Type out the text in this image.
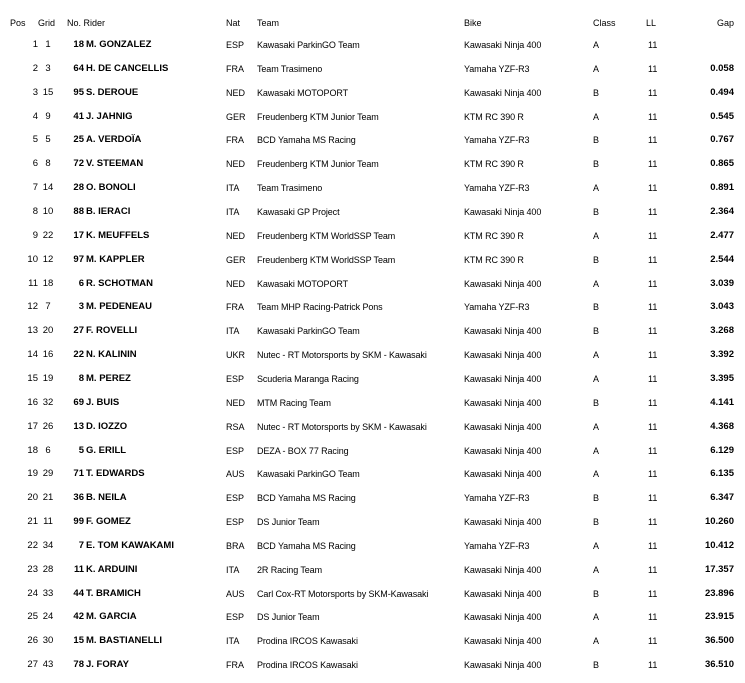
Pos Grid No. Rider	Nat Team	Bike	Class	LL	Gap
1 1	18 M. GONZALEZ	ESP Kawasaki ParkinGO Team	Kawasaki Ninja 400	A	11
2 3	64 H. DE CANCELLIS	FRA Team Trasimeno	Yamaha YZF-R3	A	11	0.058
3 15	95 S. DEROUE	NED Kawasaki MOTOPORT	Kawasaki Ninja 400	B	11	0.494
4 9	41 J. JAHNIG	GER Freudenberg KTM Junior Team	KTM RC 390 R	A	11	0.545
5 5	25 A. VERDOÏA	FRA BCD Yamaha MS Racing	Yamaha YZF-R3	B	11	0.767
6 8	72 V. STEEMAN	NED Freudenberg KTM Junior Team	KTM RC 390 R	B	11	0.865
7 14	28 O. BONOLI	ITA Team Trasimeno	Yamaha YZF-R3	A	11	0.891
8 10	88 B. IERACI	ITA Kawasaki GP Project	Kawasaki Ninja 400	B	11	2.364
9 22	17 K. MEUFFELS	NED Freudenberg KTM WorldSSP Team	KTM RC 390 R	A	11	2.477
10 12	97 M. KAPPLER	GER Freudenberg KTM WorldSSP Team	KTM RC 390 R	B	11	2.544
11 18	6 R. SCHOTMAN	NED Kawasaki MOTOPORT	Kawasaki Ninja 400	A	11	3.039
12 7	3 M. PEDENEAU	FRA Team MHP Racing-Patrick Pons	Yamaha YZF-R3	B	11	3.043
13 20	27 F. ROVELLI	ITA Kawasaki ParkinGO Team	Kawasaki Ninja 400	B	11	3.268
14 16	22 N. KALININ	UKR Nutec - RT Motorsports by SKM - Kawasaki	Kawasaki Ninja 400	A	11	3.392
15 19	8 M. PEREZ	ESP Scuderia Maranga Racing	Kawasaki Ninja 400	A	11	3.395
16 32	69 J. BUIS	NED MTM Racing Team	Kawasaki Ninja 400	B	11	4.141
17 26	13 D. IOZZO	RSA Nutec - RT Motorsports by SKM - Kawasaki	Kawasaki Ninja 400	A	11	4.368
18 6	5 G. ERILL	ESP DEZA - BOX 77 Racing	Kawasaki Ninja 400	A	11	6.129
19 29	71 T. EDWARDS	AUS Kawasaki ParkinGO Team	Kawasaki Ninja 400	A	11	6.135
20 21	36 B. NEILA	ESP BCD Yamaha MS Racing	Yamaha YZF-R3	B	11	6.347
21 11	99 F. GOMEZ	ESP DS Junior Team	Kawasaki Ninja 400	B	11	10.260
22 34	7 E. TOM KAWAKAMI	BRA BCD Yamaha MS Racing	Yamaha YZF-R3	A	11	10.412
23 28	11 K. ARDUINI	ITA 2R Racing Team	Kawasaki Ninja 400	A	11	17.357
24 33	44 T. BRAMICH	AUS Carl Cox-RT Motorsports by SKM-Kawasaki	Kawasaki Ninja 400	B	11	23.896
25 24	42 M. GARCIA	ESP DS Junior Team	Kawasaki Ninja 400	A	11	23.915
26 30	15 M. BASTIANELLI	ITA Prodina IRCOS Kawasaki	Kawasaki Ninja 400	A	11	36.500
27 43	78 J. FORAY	FRA Prodina IRCOS Kawasaki	Kawasaki Ninja 400	B	11	36.510
